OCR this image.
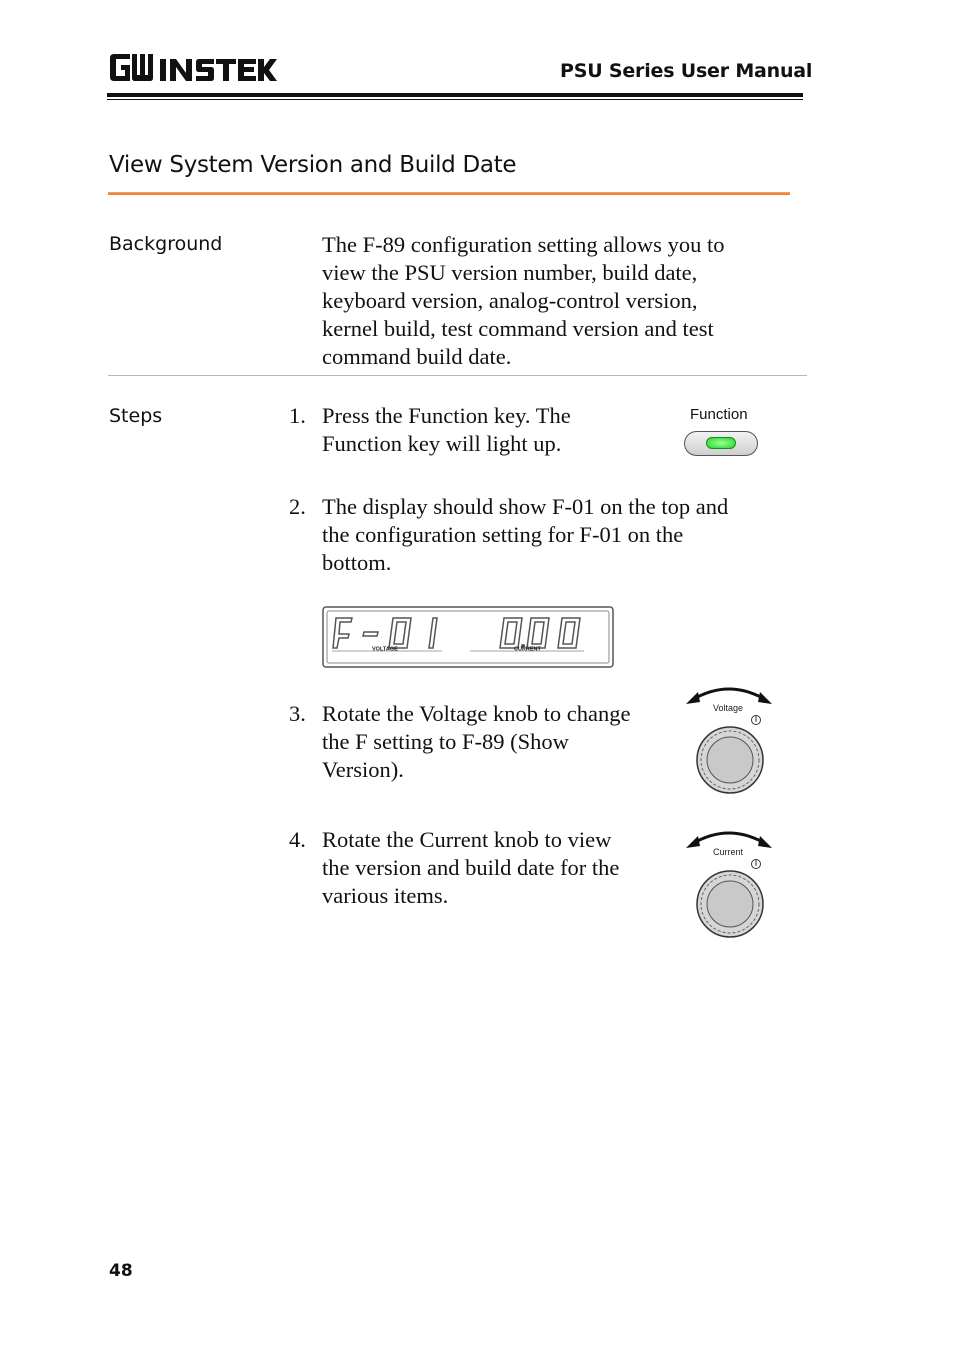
PSU Series User Manual
View System Version and Build Date
Background	The F-89 configuration setting allows you to
view the PSU version number, build date,
keyboard version, analog-control version,
kernel build, test command version and test
command build date.
Steps	1. Press the Function key. The
Function key will light up.
Function
2. The display should show F-01 on the top and
the configuration setting for F-01 on the
bottom.
VOLTAGE	CURRENT
3. Rotate the Voltage knob to change
the F setting to F-89 (Show
Version).
Voltage
4. Rotate the Current knob to view
the version and build date for the
various items.
Current
48
